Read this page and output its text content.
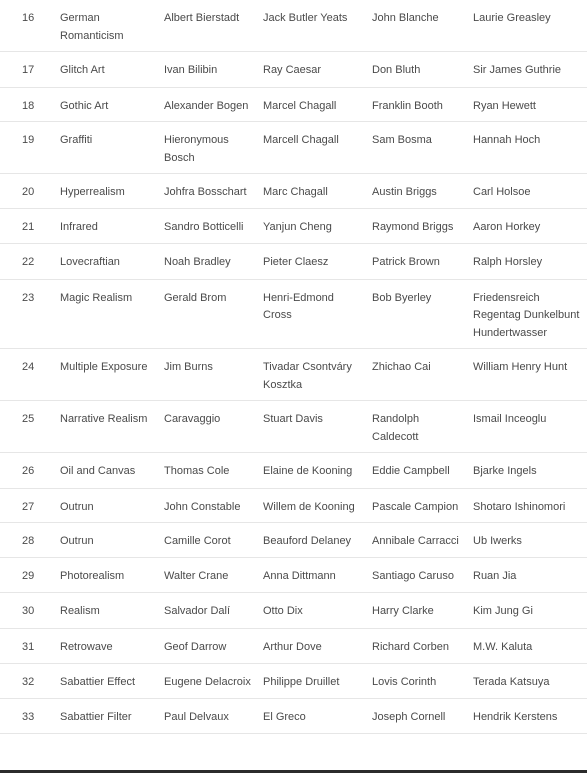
16	German Romanticism	Albert Bierstadt	Jack Butler Yeats	John Blanche	Laurie Greasley
17	Glitch Art	Ivan Bilibin	Ray Caesar	Don Bluth	Sir James Guthrie
18	Gothic Art	Alexander Bogen	Marcel Chagall	Franklin Booth	Ryan Hewett
19	Graffiti	Hieronymous Bosch	Marcell Chagall	Sam Bosma	Hannah Hoch
20	Hyperrealism	Johfra Bosschart	Marc Chagall	Austin Briggs	Carl Holsoe
21	Infrared	Sandro Botticelli	Yanjun Cheng	Raymond Briggs	Aaron Horkey
22	Lovecraftian	Noah Bradley	Pieter Claesz	Patrick Brown	Ralph Horsley
23	Magic Realism	Gerald Brom	Henri-Edmond Cross	Bob Byerley	Friedensreich Regentag Dunkelbunt Hundertwasser
24	Multiple Exposure	Jim Burns	Tivadar Csontváry Kosztka	Zhichao Cai	William Henry Hunt
25	Narrative Realism	Caravaggio	Stuart Davis	Randolph Caldecott	Ismail Inceoglu
26	Oil and Canvas	Thomas Cole	Elaine de Kooning	Eddie Campbell	Bjarke Ingels
27	Outrun	John Constable	Willem de Kooning	Pascale Campion	Shotaro Ishinomori
28	Outrun	Camille Corot	Beauford Delaney	Annibale Carracci	Ub Iwerks
29	Photorealism	Walter Crane	Anna Dittmann	Santiago Caruso	Ruan Jia
30	Realism	Salvador Dalí	Otto Dix	Harry Clarke	Kim Jung Gi
31	Retrowave	Geof Darrow	Arthur Dove	Richard Corben	M.W. Kaluta
32	Sabattier Effect	Eugene Delacroix	Philippe Druillet	Lovis Corinth	Terada Katsuya
33	Sabattier Filter	Paul Delvaux	El Greco	Joseph Cornell	Hendrik Kerstens
